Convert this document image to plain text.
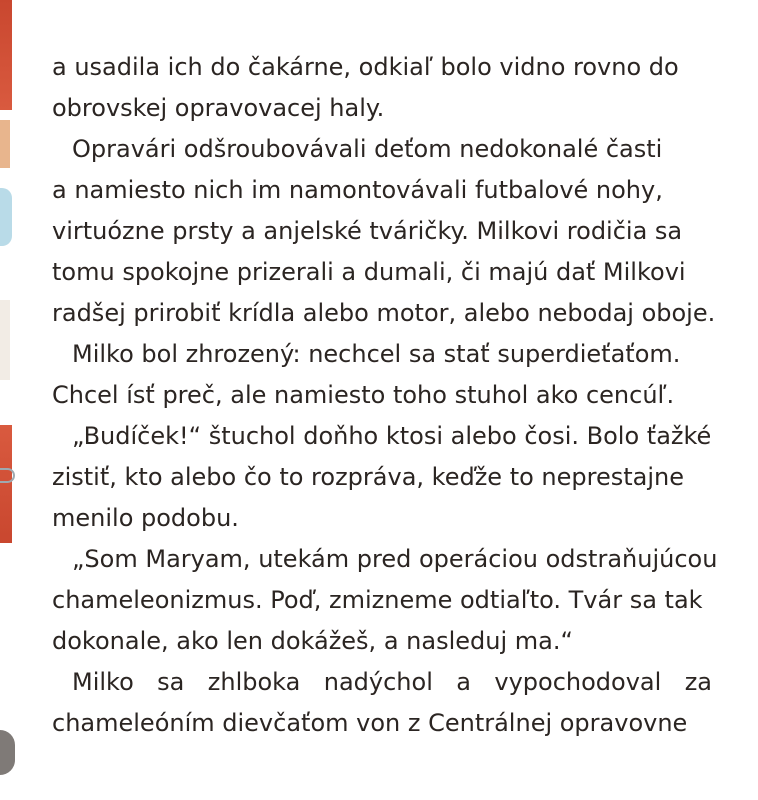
a usadila ich do čakárne, odkiaľ bolo vidno rovno do
obrovskej opravovacej haly.
Opravári odšroubovávali deťom nedokonalé časti
a namiesto nich im namontovávali futbalové nohy,
virtuózne prsty a anjelské tváričky. Milkovi rodičia sa
tomu spokojne prizerali a dumali, či majú dať Milkovi
radšej prirobiť krídla alebo motor, alebo nebodaj oboje.
Milko bol zhrozený: nechcel sa stať superdieťaťom.
Chcel ísť preč, ale namiesto toho stuhol ako cencúľ.
„Budíček!“ štuchol doňho ktosi alebo čosi. Bolo ťažké
zistiť, kto alebo čo to rozpráva, keďže to neprestajne
menilo podobu.
„Som Maryam, utekám pred operáciou odstraňujúcou
chameleonizmus. Poď, zmizneme odtiaľto. Tvár sa tak
dokonale, ako len dokážeš, a nasleduj ma.“
Milko sa zhlboka nadýchol a vypochodoval za
chameleóním dievčaťom von z Centrálnej opravovne
